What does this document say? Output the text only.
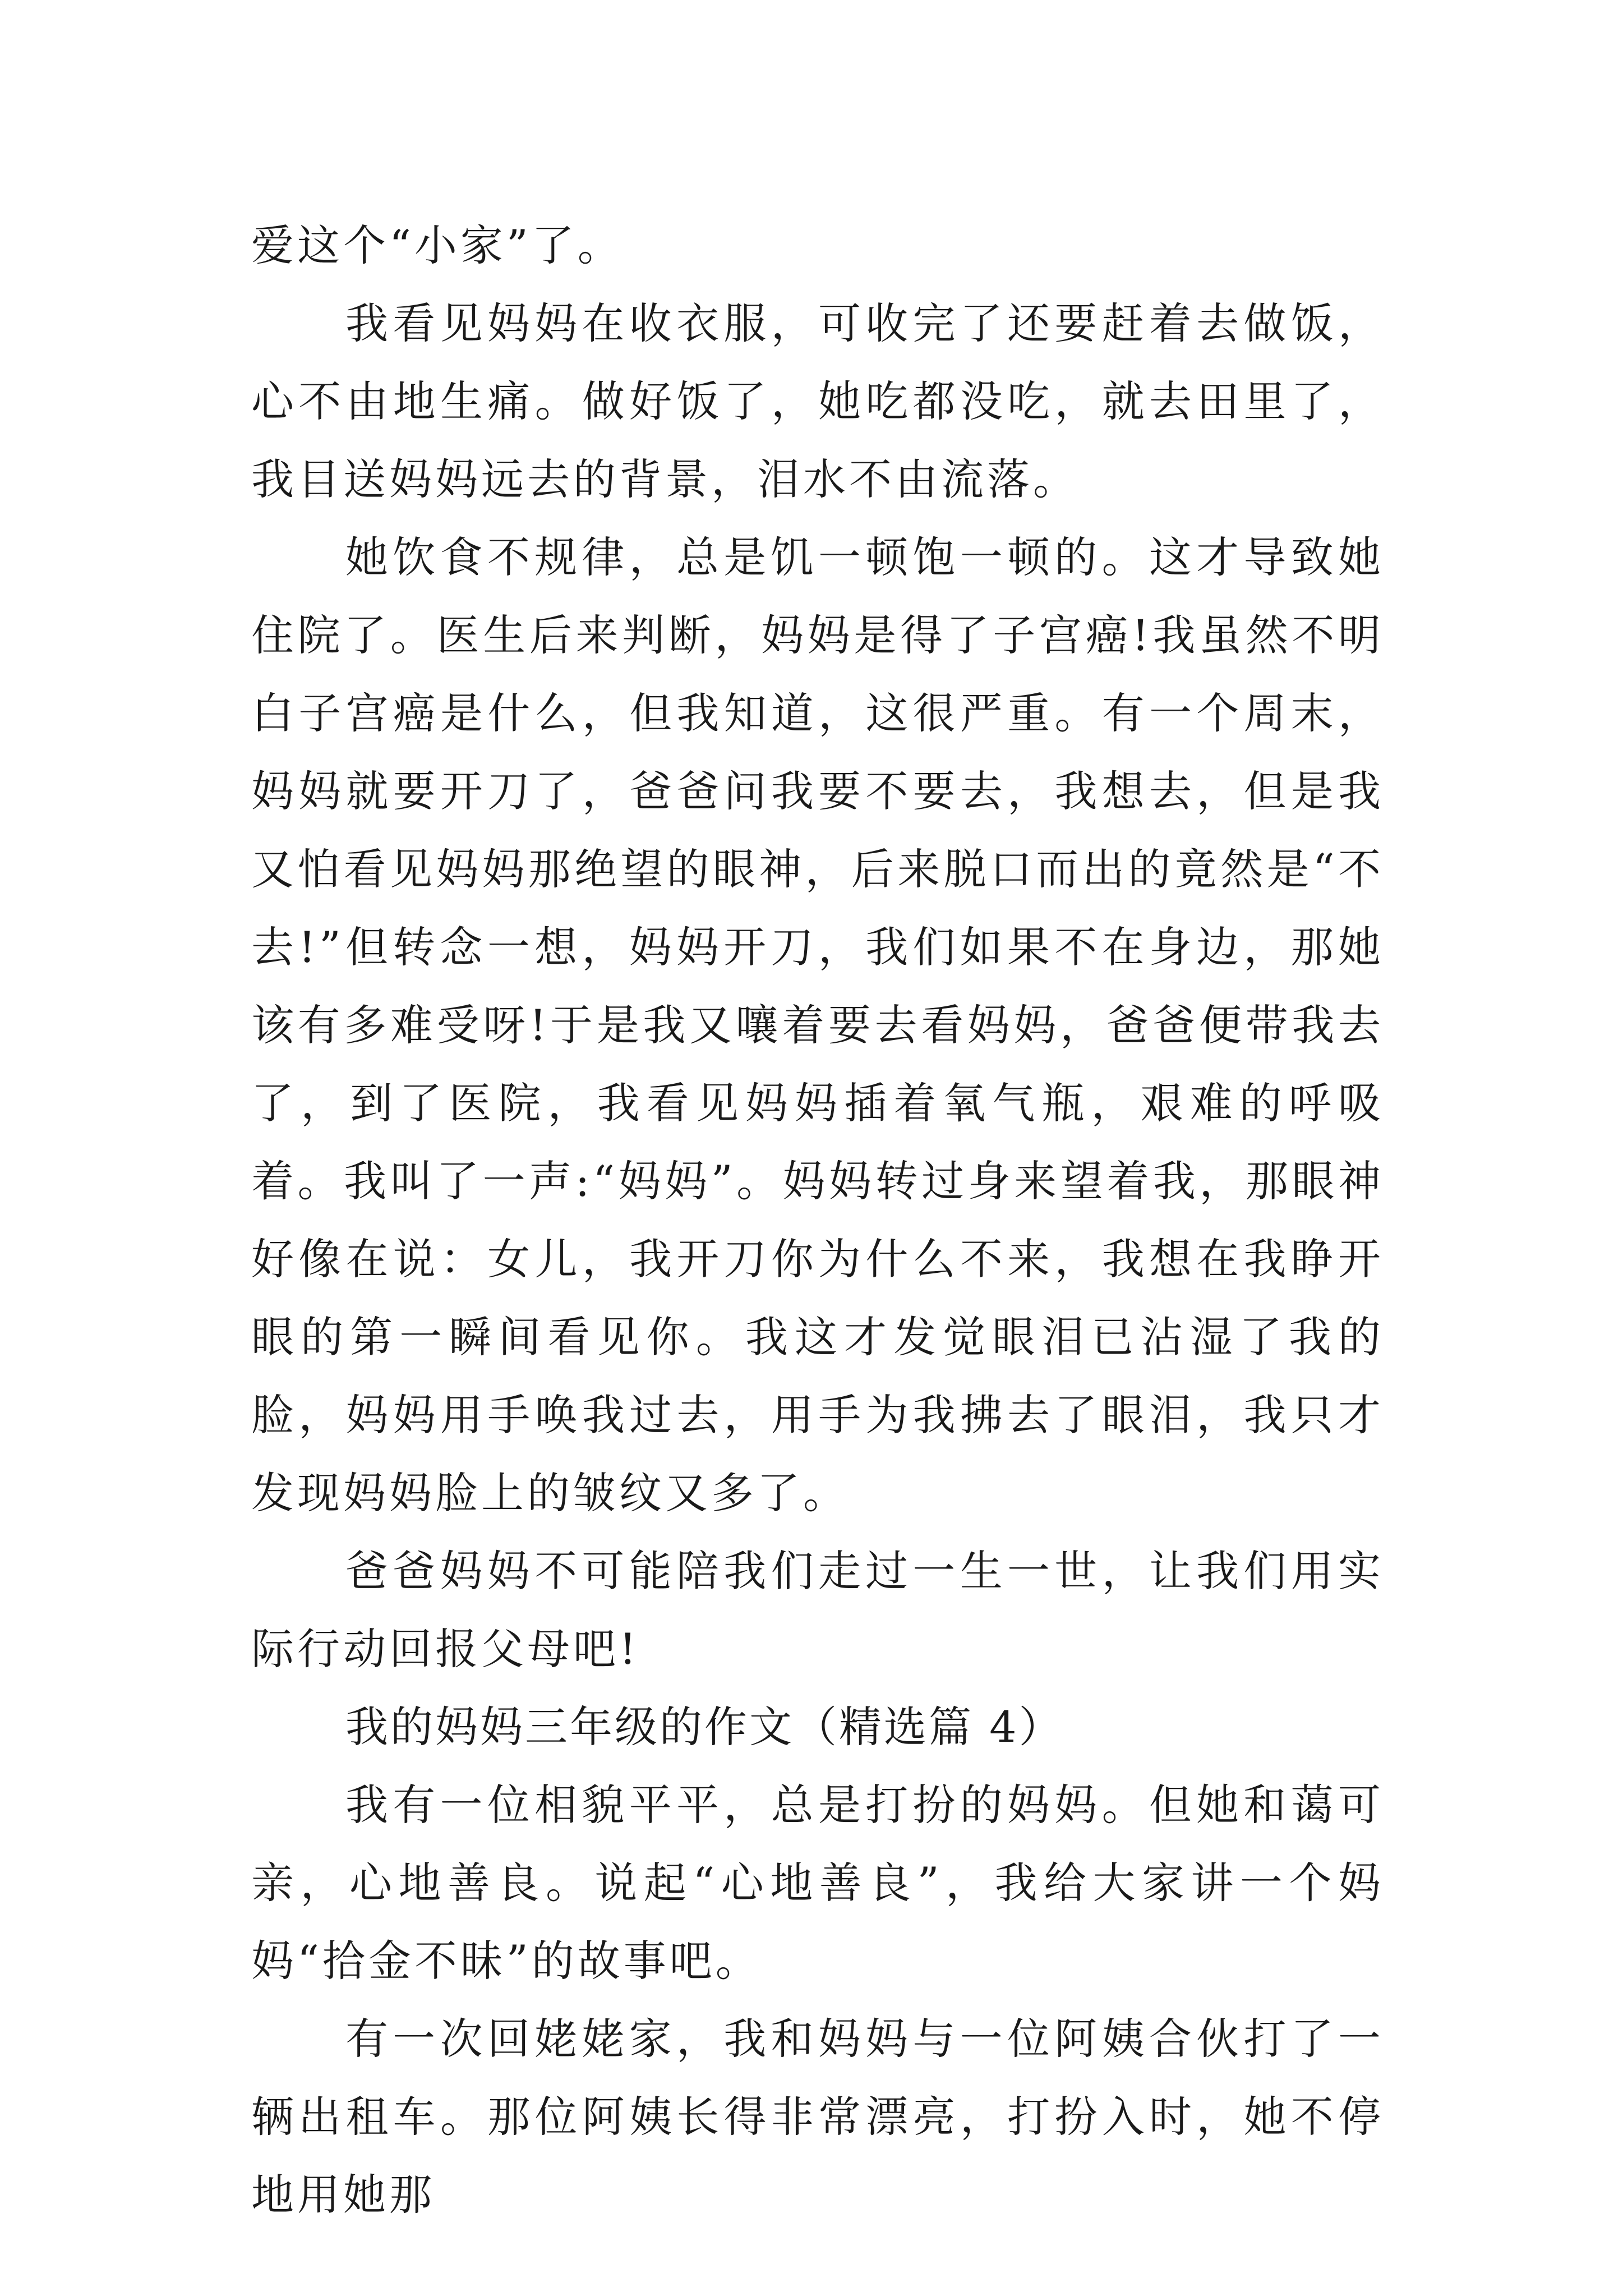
爱这个“小家”了。

我看见妈妈在收衣服，可收完了还要赶着去做饭，心不由地生痛。做好饭了，她吃都没吃，就去田里了，我目送妈妈远去的背景，泪水不由流落。

她饮食不规律，总是饥一顿饱一顿的。这才导致她住院了。医生后来判断，妈妈是得了子宫癌!我虽然不明白子宫癌是什么，但我知道，这很严重。有一个周末，妈妈就要开刀了，爸爸问我要不要去，我想去，但是我又怕看见妈妈那绝望的眼神，后来脱口而出的竟然是“不去!”但转念一想，妈妈开刀，我们如果不在身边，那她该有多难受呀!于是我又嚷着要去看妈妈，爸爸便带我去了，到了医院，我看见妈妈插着氧气瓶，艰难的呼吸着。我叫了一声:“妈妈”。妈妈转过身来望着我，那眼神好像在说：女儿，我开刀你为什么不来，我想在我睁开眼的第一瞬间看见你。我这才发觉眼泪已沾湿了我的脸，妈妈用手唤我过去，用手为我拂去了眼泪，我只才发现妈妈脸上的皱纹又多了。

爸爸妈妈不可能陪我们走过一生一世，让我们用实际行动回报父母吧!

我的妈妈三年级的作文（精选篇 4）

我有一位相貌平平，总是打扮的妈妈。但她和蔼可亲，心地善良。说起“心地善良”，我给大家讲一个妈妈“拾金不昧”的故事吧。

有一次回姥姥家，我和妈妈与一位阿姨合伙打了一辆出租车。那位阿姨长得非常漂亮，打扮入时，她不停地用她那
